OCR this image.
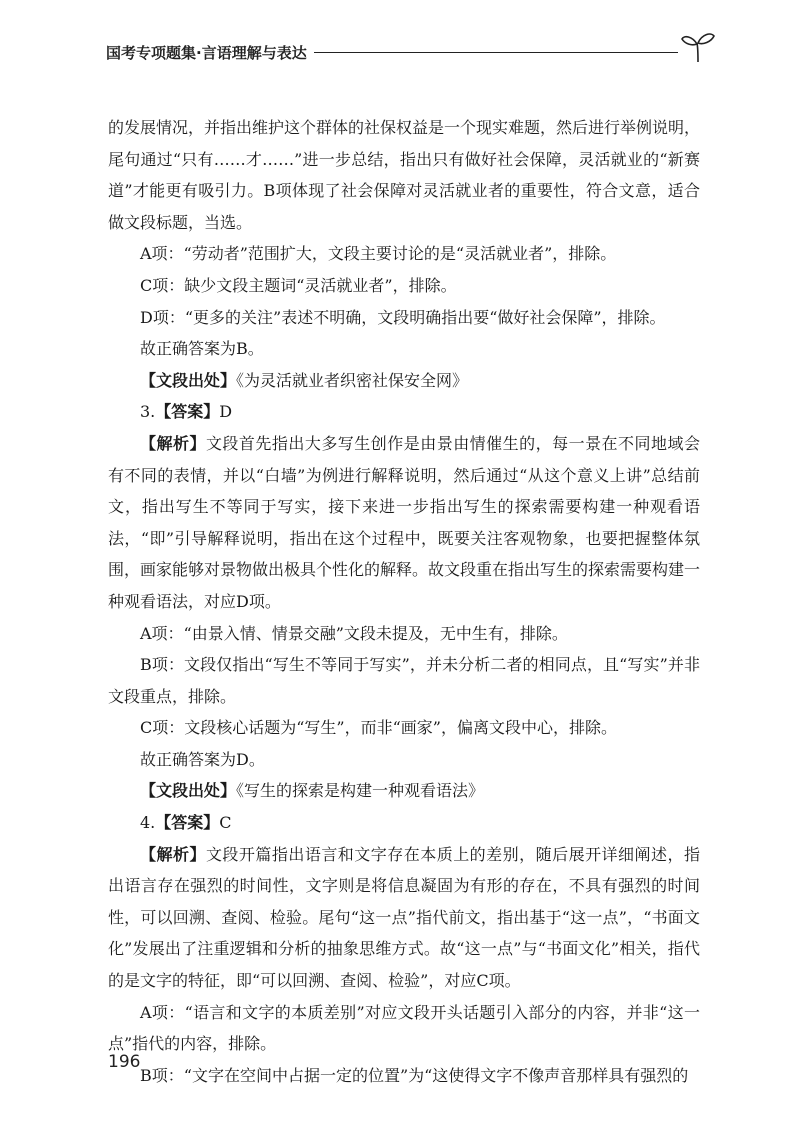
国考专项题集·言语理解与表达

的发展情况，并指出维护这个群体的社保权益是一个现实难题，然后进行举例说明，尾句通过“只有……才……”进一步总结，指出只有做好社会保障，灵活就业的“新赛道”才能更有吸引力。B项体现了社会保障对灵活就业者的重要性，符合文意，适合做文段标题，当选。

A项：“劳动者”范围扩大，文段主要讨论的是“灵活就业者”，排除。

C项：缺少文段主题词“灵活就业者”，排除。

D项：“更多的关注”表述不明确，文段明确指出要“做好社会保障”，排除。

故正确答案为B。

【文段出处】《为灵活就业者织密社保安全网》

3.【答案】D

【解析】文段首先指出大多写生创作是由景由情催生的，每一景在不同地域会有不同的表情，并以“白墙”为例进行解释说明，然后通过“从这个意义上讲”总结前文，指出写生不等同于写实，接下来进一步指出写生的探索需要构建一种观看语法，“即”引导解释说明，指出在这个过程中，既要关注客观物象，也要把握整体氛围，画家能够对景物做出极具个性化的解释。故文段重在指出写生的探索需要构建一种观看语法，对应D项。

A项：“由景入情、情景交融”文段未提及，无中生有，排除。

B项：文段仅指出“写生不等同于写实”，并未分析二者的相同点，且“写实”并非文段重点，排除。

C项：文段核心话题为“写生”，而非“画家”，偏离文段中心，排除。

故正确答案为D。

【文段出处】《写生的探索是构建一种观看语法》

4.【答案】C

【解析】文段开篇指出语言和文字存在本质上的差别，随后展开详细阐述，指出语言存在强烈的时间性，文字则是将信息凝固为有形的存在，不具有强烈的时间性，可以回溯、查阅、检验。尾句“这一点”指代前文，指出基于“这一点”，“书面文化”发展出了注重逻辑和分析的抽象思维方式。故“这一点”与“书面文化”相关，指代的是文字的特征，即“可以回溯、查阅、检验”，对应C项。

A项：“语言和文字的本质差别”对应文段开头话题引入部分的内容，并非“这一点”指代的内容，排除。

B项：“文字在空间中占据一定的位置”为“这使得文字不像声音那样具有强烈的

196
